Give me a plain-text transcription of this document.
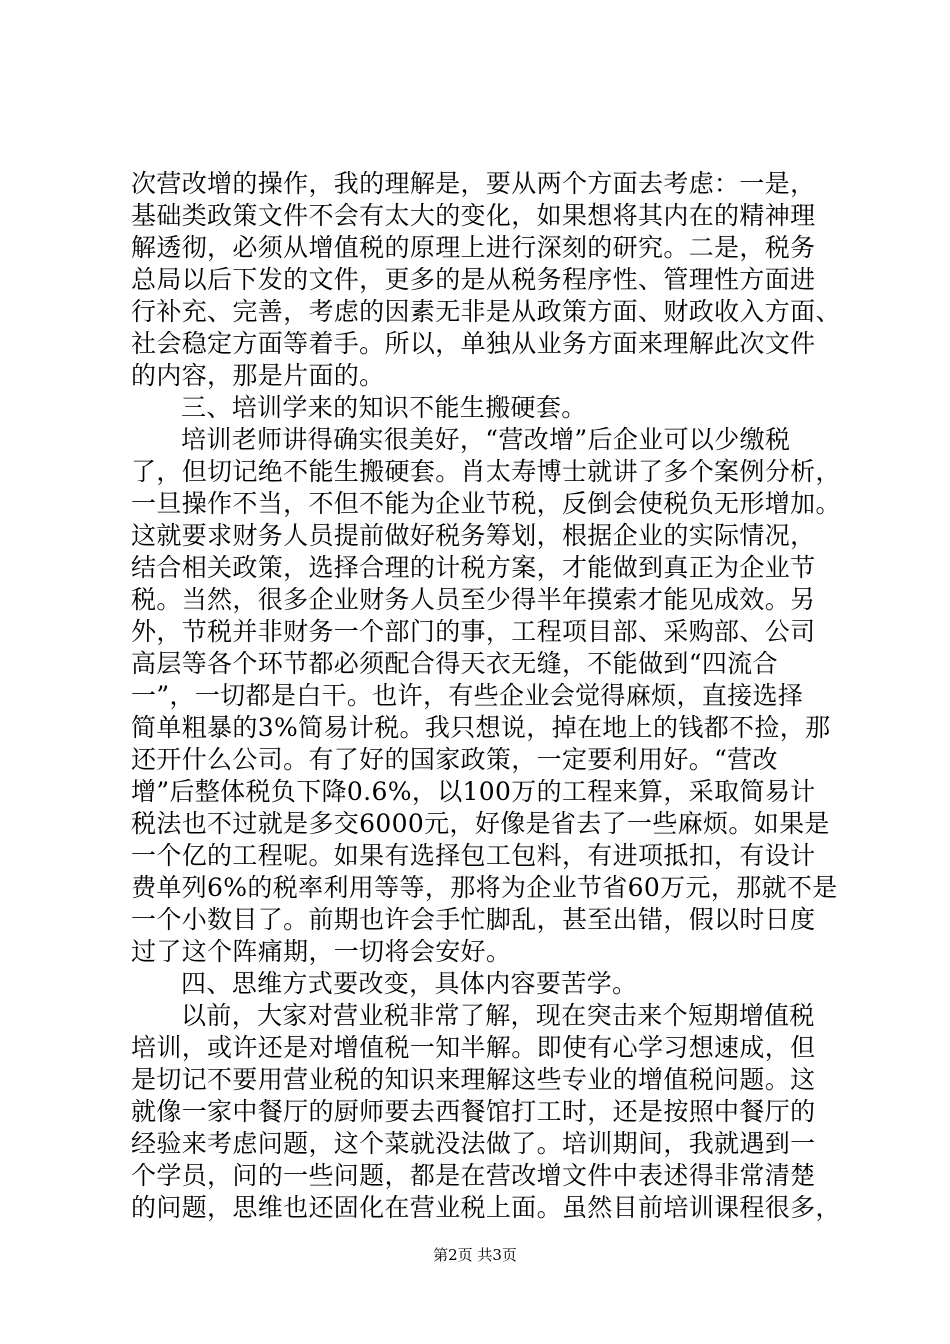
次营改增的操作，我的理解是，要从两个方面去考虑：一是，
基础类政策文件不会有太大的变化，如果想将其内在的精神理
解透彻，必须从增值税的原理上进行深刻的研究。二是，税务
总局以后下发的文件，更多的是从税务程序性、管理性方面进
行补充、完善，考虑的因素无非是从政策方面、财政收入方面、
社会稳定方面等着手。所以，单独从业务方面来理解此次文件
的内容，那是片面的。
三、培训学来的知识不能生搬硬套。
培训老师讲得确实很美好，“营改增”后企业可以少缴税
了，但切记绝不能生搬硬套。肖太寿博士就讲了多个案例分析，
一旦操作不当，不但不能为企业节税，反倒会使税负无形增加。
这就要求财务人员提前做好税务筹划，根据企业的实际情况，
结合相关政策，选择合理的计税方案，才能做到真正为企业节
税。当然，很多企业财务人员至少得半年摸索才能见成效。另
外，节税并非财务一个部门的事，工程项目部、采购部、公司
高层等各个环节都必须配合得天衣无缝，不能做到“四流合
一”，一切都是白干。也许，有些企业会觉得麻烦，直接选择
简单粗暴的3%简易计税。我只想说，掉在地上的钱都不捡，那
还开什么公司。有了好的国家政策，一定要利用好。“营改
增”后整体税负下降0.6%，以100万的工程来算，采取简易计
税法也不过就是多交6000元，好像是省去了一些麻烦。如果是
一个亿的工程呢。如果有选择包工包料，有进项抵扣，有设计
费单列6%的税率利用等等，那将为企业节省60万元，那就不是
一个小数目了。前期也许会手忙脚乱，甚至出错，假以时日度
过了这个阵痛期，一切将会安好。
四、思维方式要改变，具体内容要苦学。
以前，大家对营业税非常了解，现在突击来个短期增值税
培训，或许还是对增值税一知半解。即使有心学习想速成，但
是切记不要用营业税的知识来理解这些专业的增值税问题。这
就像一家中餐厅的厨师要去西餐馆打工时，还是按照中餐厅的
经验来考虑问题，这个菜就没法做了。培训期间，我就遇到一
个学员，问的一些问题，都是在营改增文件中表述得非常清楚
的问题，思维也还固化在营业税上面。虽然目前培训课程很多，
第2页 共3页
